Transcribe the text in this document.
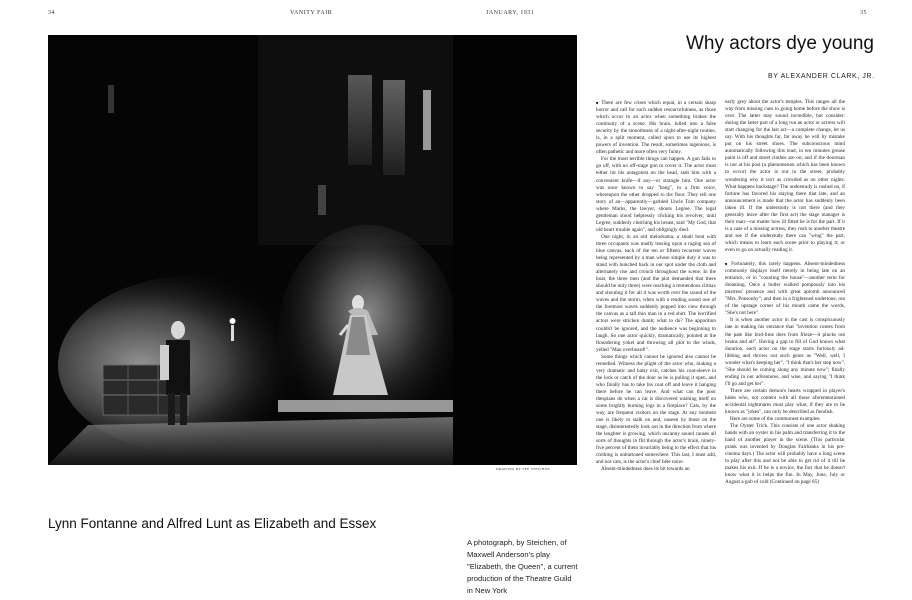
34	VANITY FAIR	JANUARY, 1931	35
DRAWING BY SEE STEICHEN
Lynn Fontanne and Alfred Lunt as Elizabeth and Essex
A photograph, by Steichen, of Maxwell Anderson's play "Elizabeth, the Queen", a current production of the Theatre Guild in New York
Why actors dye young
BY ALEXANDER CLARK, JR.

■ There are few crises which equal, in a certain sharp horror and call for such sudden resourcefulness, as those which occur to an actor when something brakes the continuity of a scene. His brain, lulled into a false security by the smoothness of a night-after-night routine, is, in a split moment, called upon to use its highest powers of invention. The result, sometimes ingenious, is often pathetic and more often very funny.

For the most terrible things can happen. A gun fails to go off, with no off-stage gun to cover it. The actor must either hit his antagonist on the head, stab him with a convenient knife—if any—or strangle him. One actor was once known to say "bang", in a firm voice, whereupon the other dropped to the floor. They tell one story of an—apparently—garbled Uncle Tom company where Marks, the lawyer, shoots Legree. The legal gentleman stood helplessly clicking his revolver, until Legree, suddenly clutching his breast, said "My God, that old heart trouble again", and obligingly died.

One night, in an old melodrama, a small boat with three occupants was madly tossing upon a raging sea of blue canvas, each of the ten or fifteen recurrent waves being represented by a man whose simple duty it was to stand with hunched back in our spot under the cloth and alternately rise and crouch throughout the scene. In the boat, the three men (and the plot demanded that there should be only three) were reaching a tremendous climax and shouting it for all it was worth over the sound of the waves and the storm, when with a rending sound one of the foremost waves suddenly popped into view through the canvas as a tall thin man in a red shirt. The horrified actors were stricken dumb; what to do? The apparition couldn't be ignored, and the audience was beginning to laugh. So one actor quickly, dramatically, pointed at the floundering yokel and throwing all plot to the winds, yelled "Man overboard!".

Some things which cannot be ignored also cannot be remedied. Witness the plight of the actor who, making a very dramatic and hasty exit, catches his coat-sleeve in the lock or catch of the door as he is pulling it open, and who finally has to take his coat off and leave it hanging there before he can leave. And what can the poor thespians do when a cat is discovered washing itself on some brightly burning logs in a fireplace? Cats, by the way, are frequent visitors on the stage. At any moment one is likely to stalk on and, unseen by those on the stage, disinterestedly look out in the direction from where the laughter is growing, which uncanny sound causes all sorts of thoughts to flit through the actor's brain, ninety-five percent of them invariably being to the effect that his clothing is unbuttoned somewhere. This last, I must add, and not cats, is the actor's chief bête noire.

Absent-mindedness does its bit towards an

early grey about the actor's temples. This ranges all the way from missing cues to going home before the show is over. The latter may sound incredible, but consider: during the latter part of a long run an actor or actress will start changing for the last act—a complete change, let us say. With his thoughts far, far away he will by mistake put on his street shoes. The subconscious mind automatically following this lead, in ten minutes grease paint is off and street clothes are on; and if the doorman is not at his post (a phenomenon which has been known to occur) the actor is out in the street, probably wondering why it isn't as crowded as on other nights. What happens backstage? The understudy is rushed on, if fortune has favored his staying there that late, and an announcement is made that the actor has suddenly been taken ill. If the understudy is not there (and they generally leave after the first act) the stage manager is their man—no matter how ill fitted he is for the part. If it is a case of a missing actress, they rush to another theatre and see if the understudy there can "wing" the part, which means to learn each scene prior to playing it; or even to go on actually reading it.

■ Fortunately, this rarely happens. Absent-mindedness commonly displays itself merely in being late on an entrance, or in "counting the house"—another term for dreaming. Once a butler walked pompously into his mistress' presence and with great aplomb announced "Mrs. Ponsonby"; and then in a frightened undertone, out of the upstage corner of his mouth came the words, "She's not here".

It is when another actor in the cast is conspicuously late in making his entrance that "invention comes from the pate like bird-lime does from frieze—it plucks out brains and all". Having a gap to fill of God knows what duration, each actor on the stage starts furiously ad-libbing and throws out such gems as "Well, well, I wonder what's keeping her", "I think that's her step now", "She should be coming along any minute now"; finally ending in our adventures, and wise, and saying "I think I'll go and get her".

There are certain demon's hearts wrapped in player's hides who, not content with all those aforementioned accidental nightmares must play what, if they are to be known as "jokes", can only be described as fiendish.

Here are some of the commonest examples:

The Oyster Trick. This consists of one actor shaking hands with an oyster in his palm and transferring it to the hand of another player in the scene. (This particular prank was invented by Douglas Fairbanks in his pre-cinema days.) The actor will probably have a long scene to play after this and not be able to get rid of it till he makes his exit. If he is a novice, the fact that he doesn't know what it is helps the fun. In May, June, July or August a gob of cold (Continued on page 85)
